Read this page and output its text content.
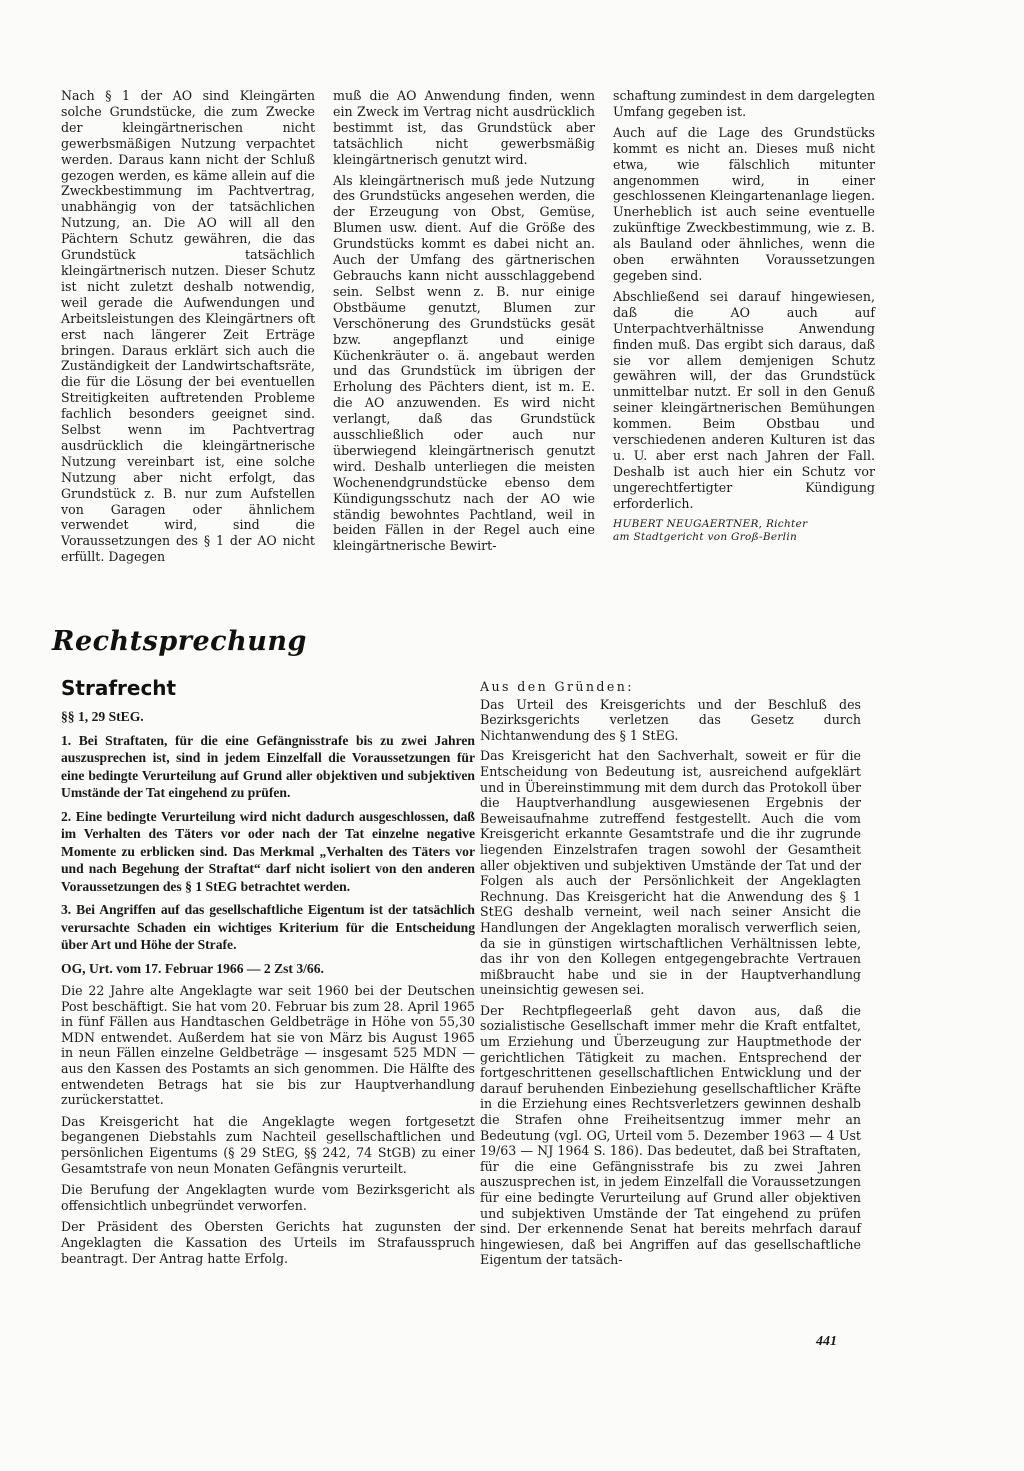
Nach § 1 der AO sind Kleingärten solche Grundstücke, die zum Zwecke der kleingärtnerischen nicht gewerbsmäßigen Nutzung verpachtet werden. Daraus kann nicht der Schluß gezogen werden, es käme allein auf die Zweckbestimmung im Pachtvertrag, unabhängig von der tatsächlichen Nutzung, an. Die AO will all den Pächtern Schutz gewähren, die das Grundstück tatsächlich kleingärtnerisch nutzen. Dieser Schutz ist nicht zuletzt deshalb notwendig, weil gerade die Aufwendungen und Arbeitsleistungen des Kleingärtners oft erst nach längerer Zeit Erträge bringen. Daraus erklärt sich auch die Zuständigkeit der Landwirtschaftsräte, die für die Lösung der bei eventuellen Streitigkeiten auftretenden Probleme fachlich besonders geeignet sind. Selbst wenn im Pachtvertrag ausdrücklich die kleingärtnerische Nutzung vereinbart ist, eine solche Nutzung aber nicht erfolgt, das Grundstück z. B. nur zum Aufstellen von Garagen oder ähnlichem verwendet wird, sind die Voraussetzungen des § 1 der AO nicht erfüllt. Dagegen

muß die AO Anwendung finden, wenn ein Zweck im Vertrag nicht ausdrücklich bestimmt ist, das Grundstück aber tatsächlich nicht gewerbsmäßig kleingärtnerisch genutzt wird.

Als kleingärtnerisch muß jede Nutzung des Grundstücks angesehen werden, die der Erzeugung von Obst, Gemüse, Blumen usw. dient. Auf die Größe des Grundstücks kommt es dabei nicht an. Auch der Umfang des gärtnerischen Gebrauchs kann nicht ausschlaggebend sein. Selbst wenn z. B. nur einige Obstbäume genutzt, Blumen zur Verschönerung des Grundstücks gesät bzw. angepflanzt und einige Küchenkräuter o. ä. angebaut werden und das Grundstück im übrigen der Erholung des Pächters dient, ist m. E. die AO anzuwenden. Es wird nicht verlangt, daß das Grundstück ausschließlich oder auch nur überwiegend kleingärtnerisch genutzt wird. Deshalb unterliegen die meisten Wochenendgrundstücke ebenso dem Kündigungsschutz nach der AO wie ständig bewohntes Pachtland, weil in beiden Fällen in der Regel auch eine kleingärtnerische Bewirt-

schaftung zumindest in dem dargelegten Umfang gegeben ist.

Auch auf die Lage des Grundstücks kommt es nicht an. Dieses muß nicht etwa, wie fälschlich mitunter angenommen wird, in einer geschlossenen Kleingartenanlage liegen. Unerheblich ist auch seine eventuelle zukünftige Zweckbestimmung, wie z. B. als Bauland oder ähnliches, wenn die oben erwähnten Voraussetzungen gegeben sind.

Abschließend sei darauf hingewiesen, daß die AO auch auf Unterpachtverhältnisse Anwendung finden muß. Das ergibt sich daraus, daß sie vor allem demjenigen Schutz gewähren will, der das Grundstück unmittelbar nutzt. Er soll in den Genuß seiner kleingärtnerischen Bemühungen kommen. Beim Obstbau und verschiedenen anderen Kulturen ist das u. U. aber erst nach Jahren der Fall. Deshalb ist auch hier ein Schutz vor ungerechtfertigter Kündigung erforderlich.

HUBERT NEUGAERTNER, Richter
am Stadtgericht von Groß-Berlin
Rechtsprechung
Strafrecht

§§ 1, 29 StEG.

1. Bei Straftaten, für die eine Gefängnisstrafe bis zu zwei Jahren auszusprechen ist, sind in jedem Einzelfall die Voraussetzungen für eine bedingte Verurteilung auf Grund aller objektiven und subjektiven Umstände der Tat eingehend zu prüfen.

2. Eine bedingte Verurteilung wird nicht dadurch ausgeschlossen, daß im Verhalten des Täters vor oder nach der Tat einzelne negative Momente zu erblicken sind. Das Merkmal „Verhalten des Täters vor und nach Begehung der Straftat“ darf nicht isoliert von den anderen Voraussetzungen des § 1 StEG betrachtet werden.

3. Bei Angriffen auf das gesellschaftliche Eigentum ist der tatsächlich verursachte Schaden ein wichtiges Kriterium für die Entscheidung über Art und Höhe der Strafe.

OG, Urt. vom 17. Februar 1966 — 2 Zst 3/66.

Die 22 Jahre alte Angeklagte war seit 1960 bei der Deutschen Post beschäftigt. Sie hat vom 20. Februar bis zum 28. April 1965 in fünf Fällen aus Handtaschen Geldbeträge in Höhe von 55,30 MDN entwendet. Außerdem hat sie von März bis August 1965 in neun Fällen einzelne Geldbeträge — insgesamt 525 MDN — aus den Kassen des Postamts an sich genommen. Die Hälfte des entwendeten Betrags hat sie bis zur Hauptverhandlung zurückerstattet.

Das Kreisgericht hat die Angeklagte wegen fortgesetzt begangenen Diebstahls zum Nachteil gesellschaftlichen und persönlichen Eigentums (§ 29 StEG, §§ 242, 74 StGB) zu einer Gesamtstrafe von neun Monaten Gefängnis verurteilt.

Die Berufung der Angeklagten wurde vom Bezirksgericht als offensichtlich unbegründet verworfen.

Der Präsident des Obersten Gerichts hat zugunsten der Angeklagten die Kassation des Urteils im Strafausspruch beantragt. Der Antrag hatte Erfolg.

Aus den Gründen:

Das Urteil des Kreisgerichts und der Beschluß des Bezirksgerichts verletzen das Gesetz durch Nichtanwendung des § 1 StEG.

Das Kreisgericht hat den Sachverhalt, soweit er für die Entscheidung von Bedeutung ist, ausreichend aufgeklärt und in Übereinstimmung mit dem durch das Protokoll über die Hauptverhandlung ausgewiesenen Ergebnis der Beweisaufnahme zutreffend festgestellt. Auch die vom Kreisgericht erkannte Gesamtstrafe und die ihr zugrunde liegenden Einzelstrafen tragen sowohl der Gesamtheit aller objektiven und subjektiven Umstände der Tat und der Folgen als auch der Persönlichkeit der Angeklagten Rechnung. Das Kreisgericht hat die Anwendung des § 1 StEG deshalb verneint, weil nach seiner Ansicht die Handlungen der Angeklagten moralisch verwerflich seien, da sie in günstigen wirtschaftlichen Verhältnissen lebte, das ihr von den Kollegen entgegengebrachte Vertrauen mißbraucht habe und sie in der Hauptverhandlung uneinsichtig gewesen sei.

Der Rechtpflegeerlaß geht davon aus, daß die sozialistische Gesellschaft immer mehr die Kraft entfaltet, um Erziehung und Überzeugung zur Hauptmethode der gerichtlichen Tätigkeit zu machen. Entsprechend der fortgeschrittenen gesellschaftlichen Entwicklung und der darauf beruhenden Einbeziehung gesellschaftlicher Kräfte in die Erziehung eines Rechtsverletzers gewinnen deshalb die Strafen ohne Freiheitsentzug immer mehr an Bedeutung (vgl. OG, Urteil vom 5. Dezember 1963 — 4 Ust 19/63 — NJ 1964 S. 186). Das bedeutet, daß bei Straftaten, für die eine Gefängnisstrafe bis zu zwei Jahren auszusprechen ist, in jedem Einzelfall die Voraussetzungen für eine bedingte Verurteilung auf Grund aller objektiven und subjektiven Umstände der Tat eingehend zu prüfen sind. Der erkennende Senat hat bereits mehrfach darauf hingewiesen, daß bei Angriffen auf das gesellschaftliche Eigentum der tatsäch-

441
